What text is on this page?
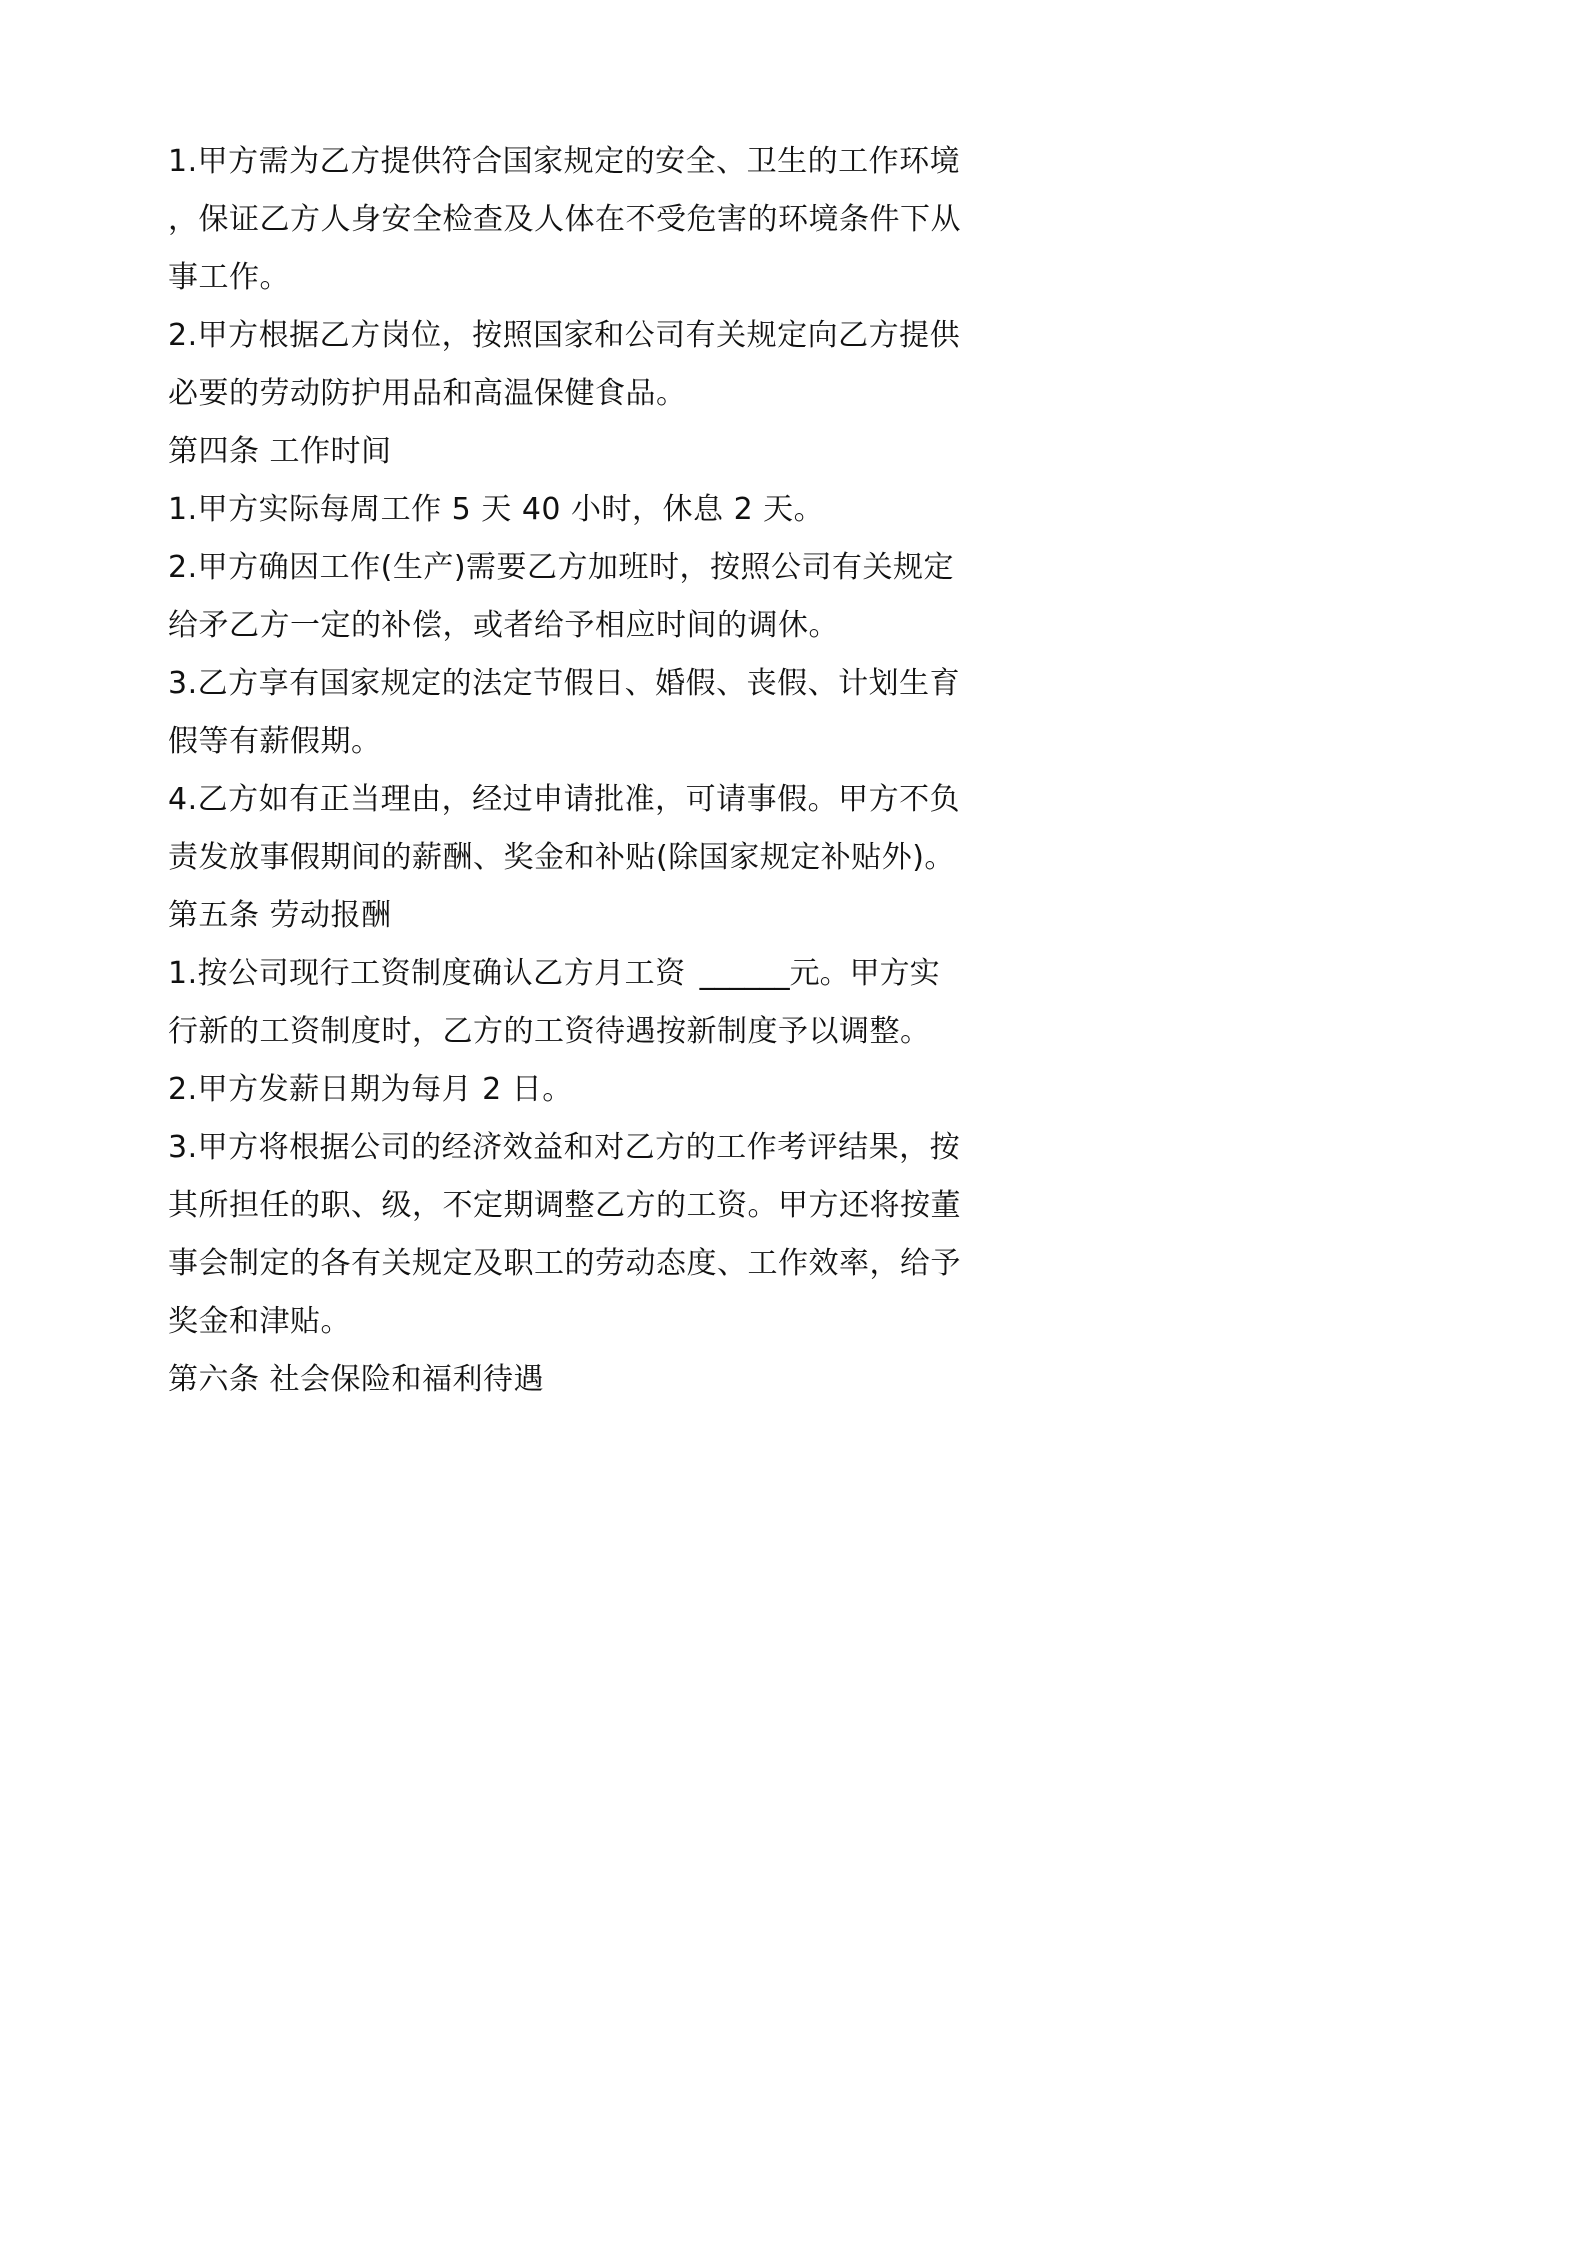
1.甲方需为乙方提供符合国家规定的安全、卫生的工作环境
，保证乙方人身安全检查及人体在不受危害的环境条件下从
事工作。
2.甲方根据乙方岗位，按照国家和公司有关规定向乙方提供
必要的劳动防护用品和高温保健食品。
第四条 工作时间
1.甲方实际每周工作 5 天 40 小时，休息 2 天。
2.甲方确因工作(生产)需要乙方加班时，按照公司有关规定
给矛乙方一定的补偿，或者给予相应时间的调休。
3.乙方享有国家规定的法定节假日、婚假、丧假、计划生育
假等有薪假期。
4.乙方如有正当理由，经过申请批准，可请事假。甲方不负
责发放事假期间的薪酬、奖金和补贴(除国家规定补贴外)。
第五条 劳动报酬
1.按公司现行工资制度确认乙方月工资 ______元。甲方实
行新的工资制度时，乙方的工资待遇按新制度予以调整。
2.甲方发薪日期为每月 2 日。
3.甲方将根据公司的经济效益和对乙方的工作考评结果，按
其所担任的职、级，不定期调整乙方的工资。甲方还将按董
事会制定的各有关规定及职工的劳动态度、工作效率，给予
奖金和津贴。
第六条 社会保险和福利待遇
